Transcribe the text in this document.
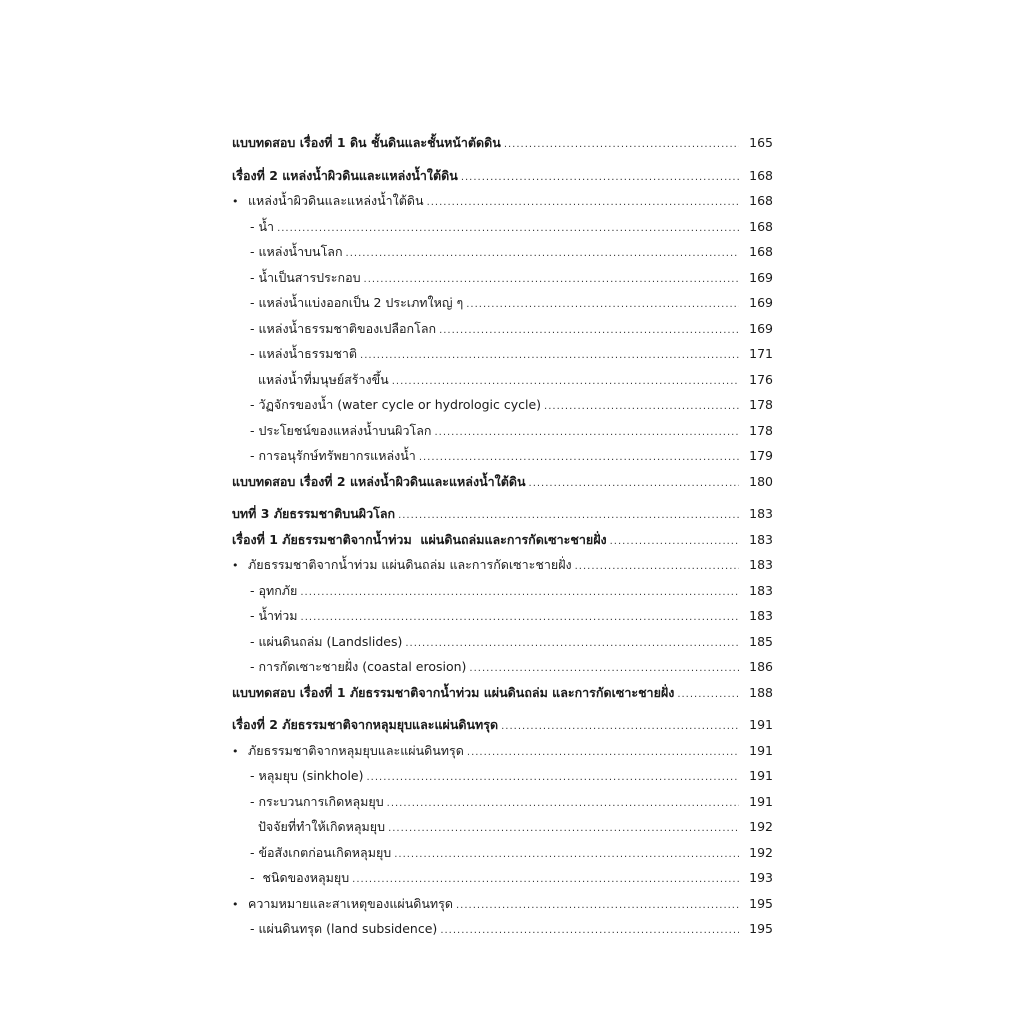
แบบทดสอบ เรื่องที่ 1 ดิน ชั้นดินและชั้นหน้าตัดดิน .....	165
เรื่องที่ 2 แหล่งน้ำผิวดินและแหล่งน้ำใต้ดิน .....	168
• แหล่งน้ำผิวดินและแหล่งน้ำใต้ดิน .....	168
- น้ำ .....	168
- แหล่งน้ำบนโลก .....	168
- น้ำเป็นสารประกอบ .....	169
- แหล่งน้ำแบ่งออกเป็น 2 ประเภทใหญ่ ๆ .....	169
- แหล่งน้ำธรรมชาติของเปลือกโลก .....	169
- แหล่งน้ำธรรมชาติ .....	171
แหล่งน้ำที่มนุษย์สร้างขึ้น .....	176
- วัฏจักรของน้ำ (water cycle or hydrologic cycle) .....	178
- ประโยชน์ของแหล่งน้ำบนผิวโลก .....	178
- การอนุรักษ์ทรัพยากรแหล่งน้ำ .....	179
แบบทดสอบ เรื่องที่ 2 แหล่งน้ำผิวดินและแหล่งน้ำใต้ดิน .....	180
บทที่ 3 ภัยธรรมชาติบนผิวโลก .....	183
เรื่องที่ 1 ภัยธรรมชาติจากน้ำท่วม  แผ่นดินถล่มและการกัดเซาะชายฝั่ง .....	183
• ภัยธรรมชาติจากน้ำท่วม แผ่นดินถล่ม และการกัดเซาะชายฝั่ง .....	183
- อุทกภัย .....	183
- น้ำท่วม .....	183
- แผ่นดินถล่ม (Landslides) .....	185
- การกัดเซาะชายฝั่ง (coastal erosion) .....	186
แบบทดสอบ เรื่องที่ 1 ภัยธรรมชาติจากน้ำท่วม แผ่นดินถล่ม และการกัดเซาะชายฝั่ง .....	188
เรื่องที่ 2 ภัยธรรมชาติจากหลุมยุบและแผ่นดินทรุด .....	191
• ภัยธรรมชาติจากหลุมยุบและแผ่นดินทรุด .....	191
- หลุมยุบ (sinkhole) .....	191
- กระบวนการเกิดหลุมยุบ .....	191
ปัจจัยที่ทำให้เกิดหลุมยุบ .....	192
- ข้อสังเกตก่อนเกิดหลุมยุบ .....	192
-  ชนิดของหลุมยุบ .....	193
• ความหมายและสาเหตุของแผ่นดินทรุด .....	195
- แผ่นดินทรุด (land subsidence) .....	195
